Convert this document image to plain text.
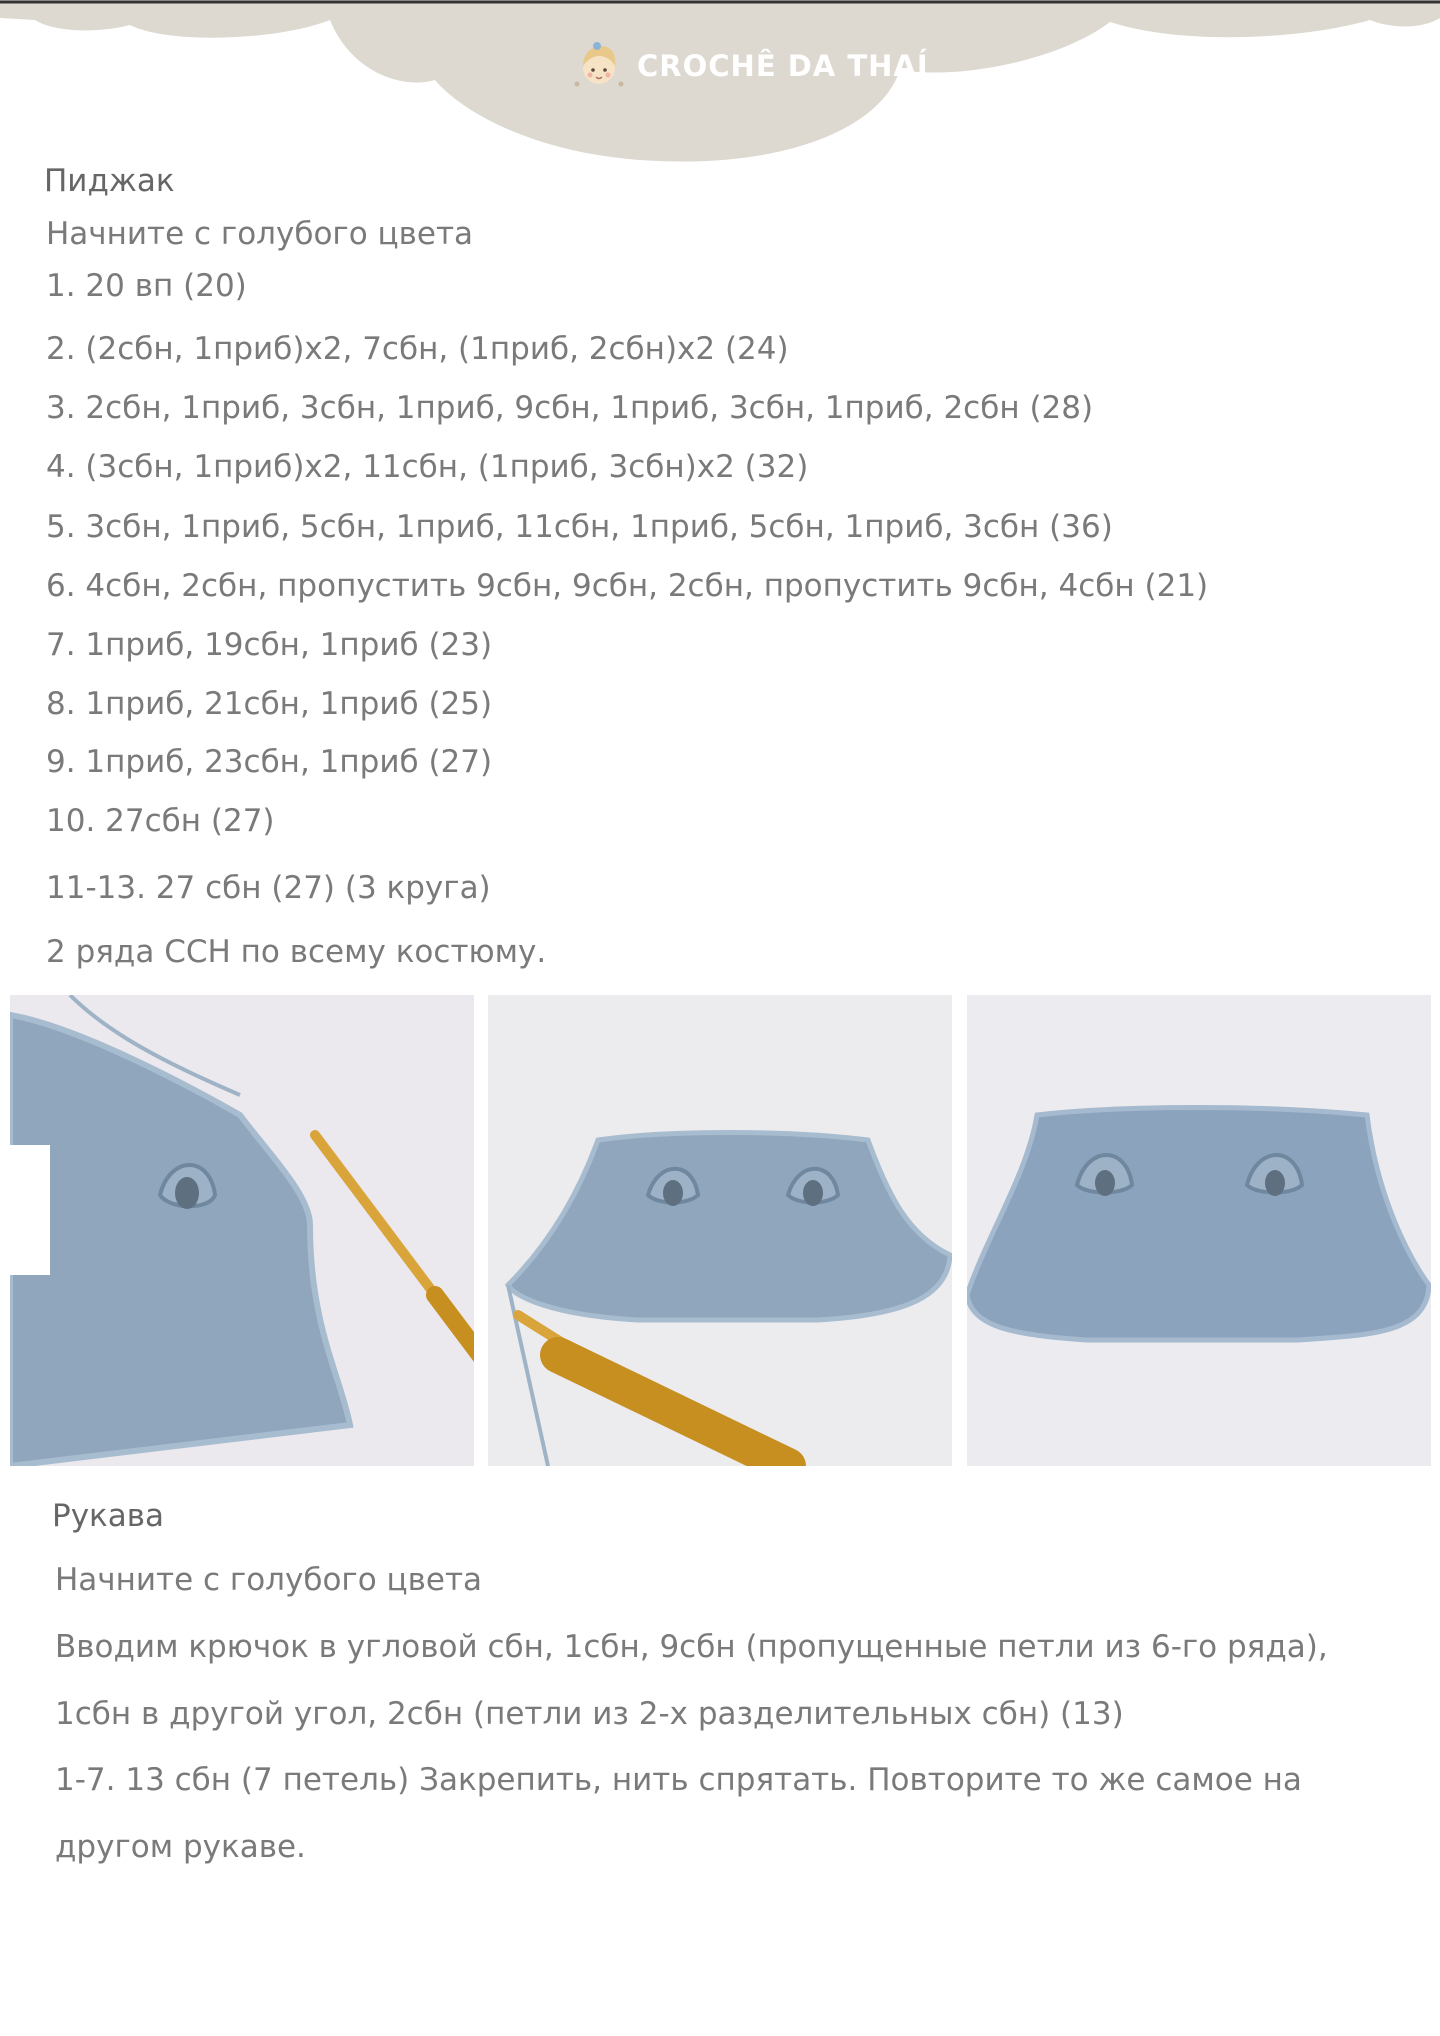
CROCHÊ DA THAÍ
Пиджак
Начните с голубого цвета
1. 20 вп (20)
2. (2сбн, 1приб)х2, 7сбн, (1приб, 2сбн)х2 (24)
3. 2сбн, 1приб, 3сбн, 1приб, 9сбн, 1приб, 3сбн, 1приб, 2сбн (28)
4. (3сбн, 1приб)х2, 11сбн, (1приб, 3сбн)х2 (32)
5. 3сбн, 1приб, 5сбн, 1приб, 11сбн, 1приб, 5сбн, 1приб, 3сбн (36)
6. 4сбн, 2сбн, пропустить 9сбн, 9сбн, 2сбн, пропустить 9сбн, 4сбн (21)
7. 1приб, 19сбн, 1приб (23)
8. 1приб, 21сбн, 1приб (25)
9. 1приб, 23сбн, 1приб (27)
10. 27сбн (27)
11-13. 27 сбн (27) (3 круга)
2 ряда ССН по всему костюму.
Рукава
Начните с голубого цвета
Вводим крючок в угловой сбн, 1сбн, 9сбн (пропущенные петли из 6-го ряда),
1сбн в другой угол, 2сбн (петли из 2-х разделительных сбн) (13)
1-7. 13 сбн (7 петель) Закрепить, нить спрятать. Повторите то же самое на
другом рукаве.
